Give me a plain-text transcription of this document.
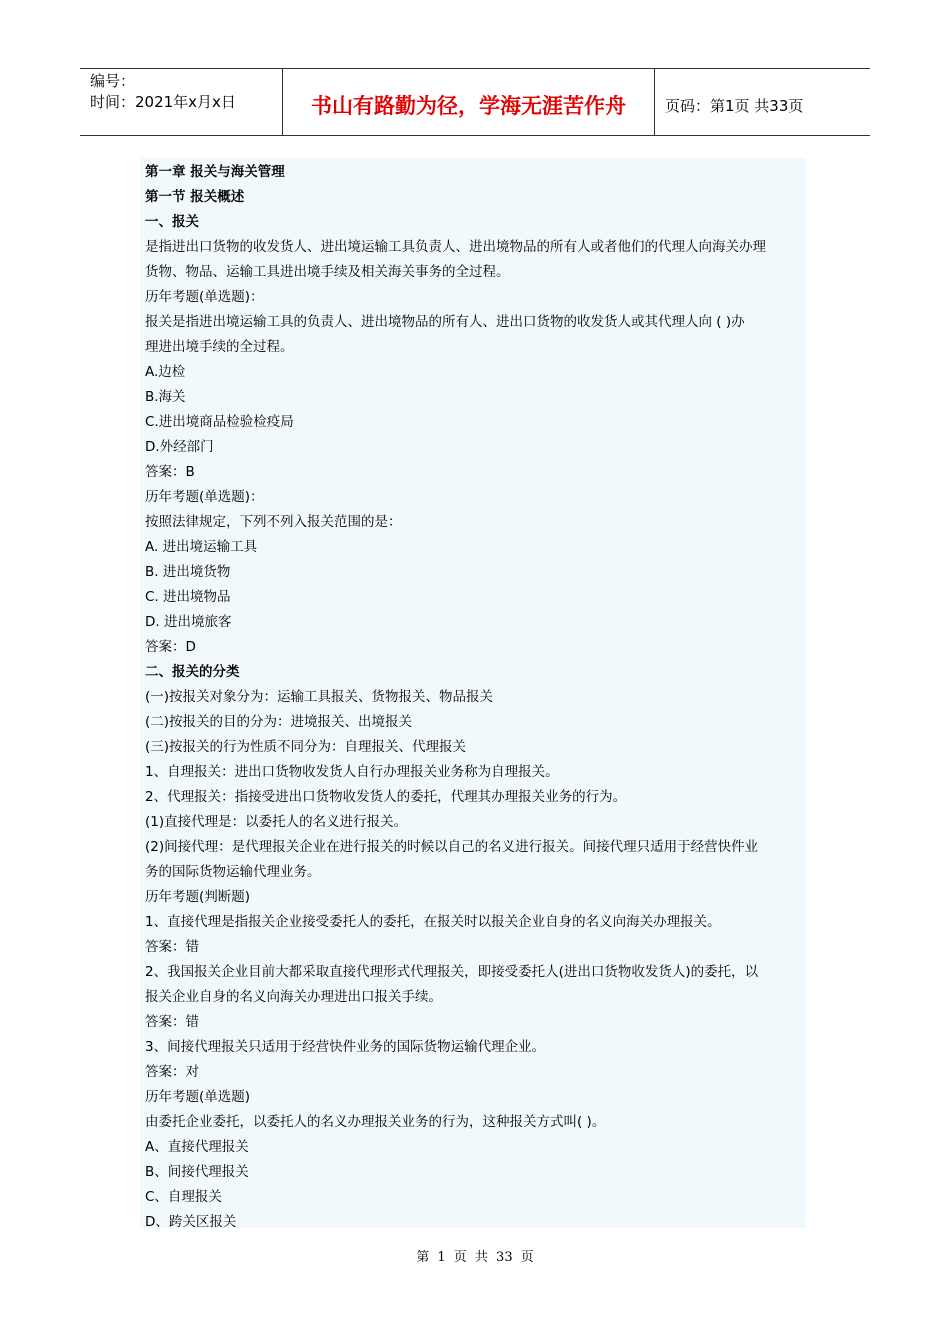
编号：
时间：2021年x月x日	书山有路勤为径，学海无涯苦作舟	页码：第1页 共33页
第一章 报关与海关管理
第一节 报关概述
一、报关
是指进出口货物的收发货人、进出境运输工具负责人、进出境物品的所有人或者他们的代理人向海关办理
货物、物品、运输工具进出境手续及相关海关事务的全过程。
历年考题(单选题)：
报关是指进出境运输工具的负责人、进出境物品的所有人、进出口货物的收发货人或其代理人向 ( )办
理进出境手续的全过程。
A.边检
B.海关
C.进出境商品检验检疫局
D.外经部门
答案：B
历年考题(单选题)：
按照法律规定，下列不列入报关范围的是：
A. 进出境运输工具
B. 进出境货物
C. 进出境物品
D. 进出境旅客
答案：D
二、报关的分类
(一)按报关对象分为：运输工具报关、货物报关、物品报关
(二)按报关的目的分为：进境报关、出境报关
(三)按报关的行为性质不同分为：自理报关、代理报关
1、自理报关：进出口货物收发货人自行办理报关业务称为自理报关。
2、代理报关：指接受进出口货物收发货人的委托，代理其办理报关业务的行为。
(1)直接代理是：以委托人的名义进行报关。
(2)间接代理：是代理报关企业在进行报关的时候以自己的名义进行报关。间接代理只适用于经营快件业
务的国际货物运输代理业务。
历年考题(判断题)
1、直接代理是指报关企业接受委托人的委托，在报关时以报关企业自身的名义向海关办理报关。
答案：错
2、我国报关企业目前大都采取直接代理形式代理报关，即接受委托人(进出口货物收发货人)的委托，以
报关企业自身的名义向海关办理进出口报关手续。
答案：错
3、间接代理报关只适用于经营快件业务的国际货物运输代理企业。
答案：对
历年考题(单选题)
由委托企业委托，以委托人的名义办理报关业务的行为，这种报关方式叫( )。
A、直接代理报关
B、间接代理报关
C、自理报关
D、跨关区报关
第 1 页 共 33 页
